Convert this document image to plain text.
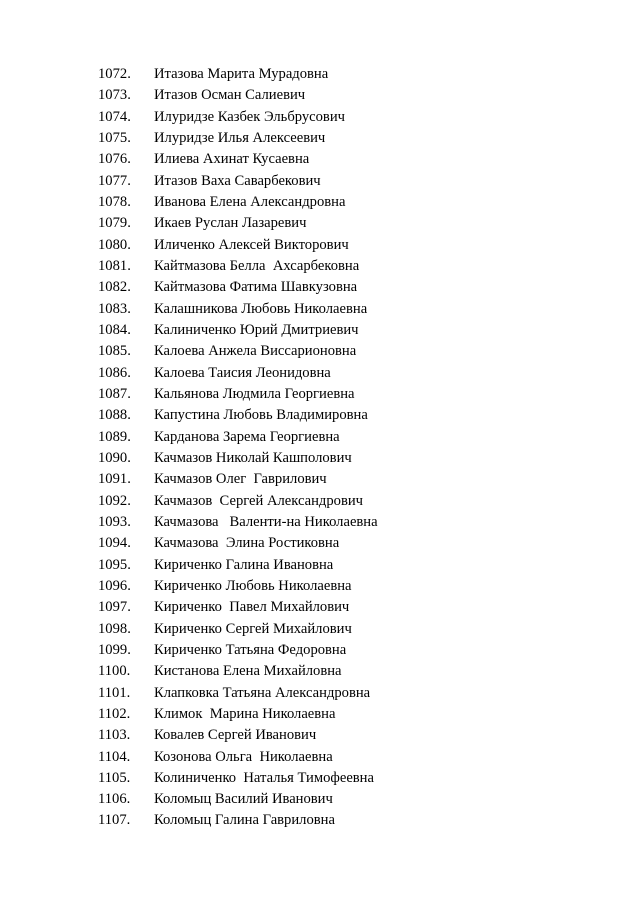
1072.	Итазова Марита Мурадовна
1073.	Итазов Осман Салиевич
1074.	Илуридзе Казбек Эльбрусович
1075.	Илуридзе Илья Алексеевич
1076.	Илиева Ахинат Кусаевна
1077.	Итазов Ваха Саварбекович
1078.	Иванова Елена Александровна
1079.	Икаев Руслан Лазаревич
1080.	Иличенко Алексей Викторович
1081.	Кайтмазова Белла  Ахсарбековна
1082.	Кайтмазова Фатима Шавкузовна
1083.	Калашникова Любовь Николаевна
1084.	Калиниченко Юрий Дмитриевич
1085.	Калоева Анжела Виссарионовна
1086.	Калоева Таисия Леонидовна
1087.	Кальянова Людмила Георгиевна
1088.	Капустина Любовь Владимировна
1089.	Карданова Зарема Георгиевна
1090.	Качмазов Николай Кашполович
1091.	Качмазов Олег  Гаврилович
1092.	Качмазов  Сергей Александрович
1093.	Качмазова   Валенти-на Николаевна
1094.	Качмазова  Элина Ростиковна
1095.	Кириченко Галина Ивановна
1096.	Кириченко Любовь Николаевна
1097.	Кириченко  Павел Михайлович
1098.	Кириченко Сергей Михайлович
1099.	Кириченко Татьяна Федоровна
1100.	Кистанова Елена Михайловна
1101.	Клапковка Татьяна Александровна
1102.	Климок  Марина Николаевна
1103.	Ковалев Сергей Иванович
1104.	Козонова Ольга  Николаевна
1105.	Колиниченко  Наталья Тимофеевна
1106.	Коломыц Василий Иванович
1107.	Коломыц Галина Гавриловна
